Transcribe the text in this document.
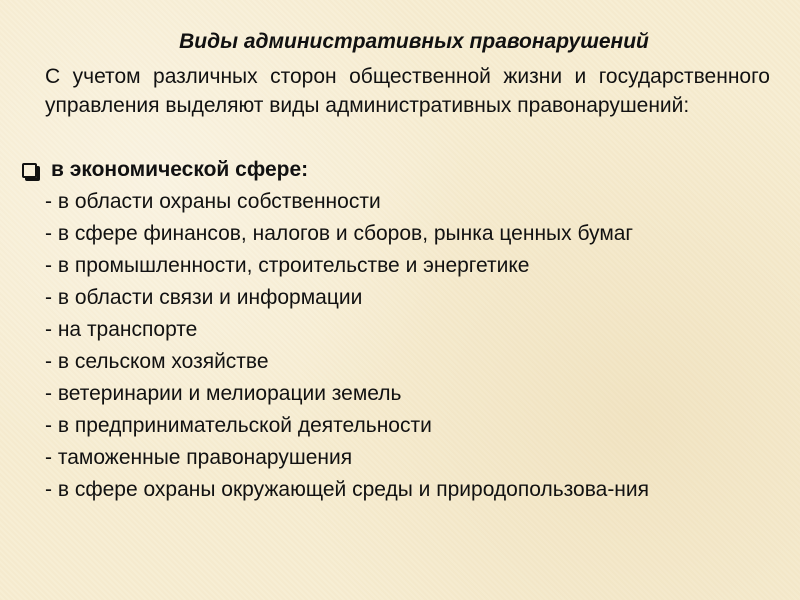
Виды административных правонарушений
С учетом различных сторон общественной жизни и государственного управления выделяют виды административных правонарушений:
в экономической сфере:
- в области охраны собственности
- в сфере финансов, налогов и сборов, рынка ценных бумаг
- в промышленности, строительстве и энергетике
- в области связи и информации
- на транспорте
- в сельском хозяйстве
- ветеринарии и мелиорации земель
- в предпринимательской деятельности
- таможенные правонарушения
- в сфере охраны окружающей среды и природопользова-ния
